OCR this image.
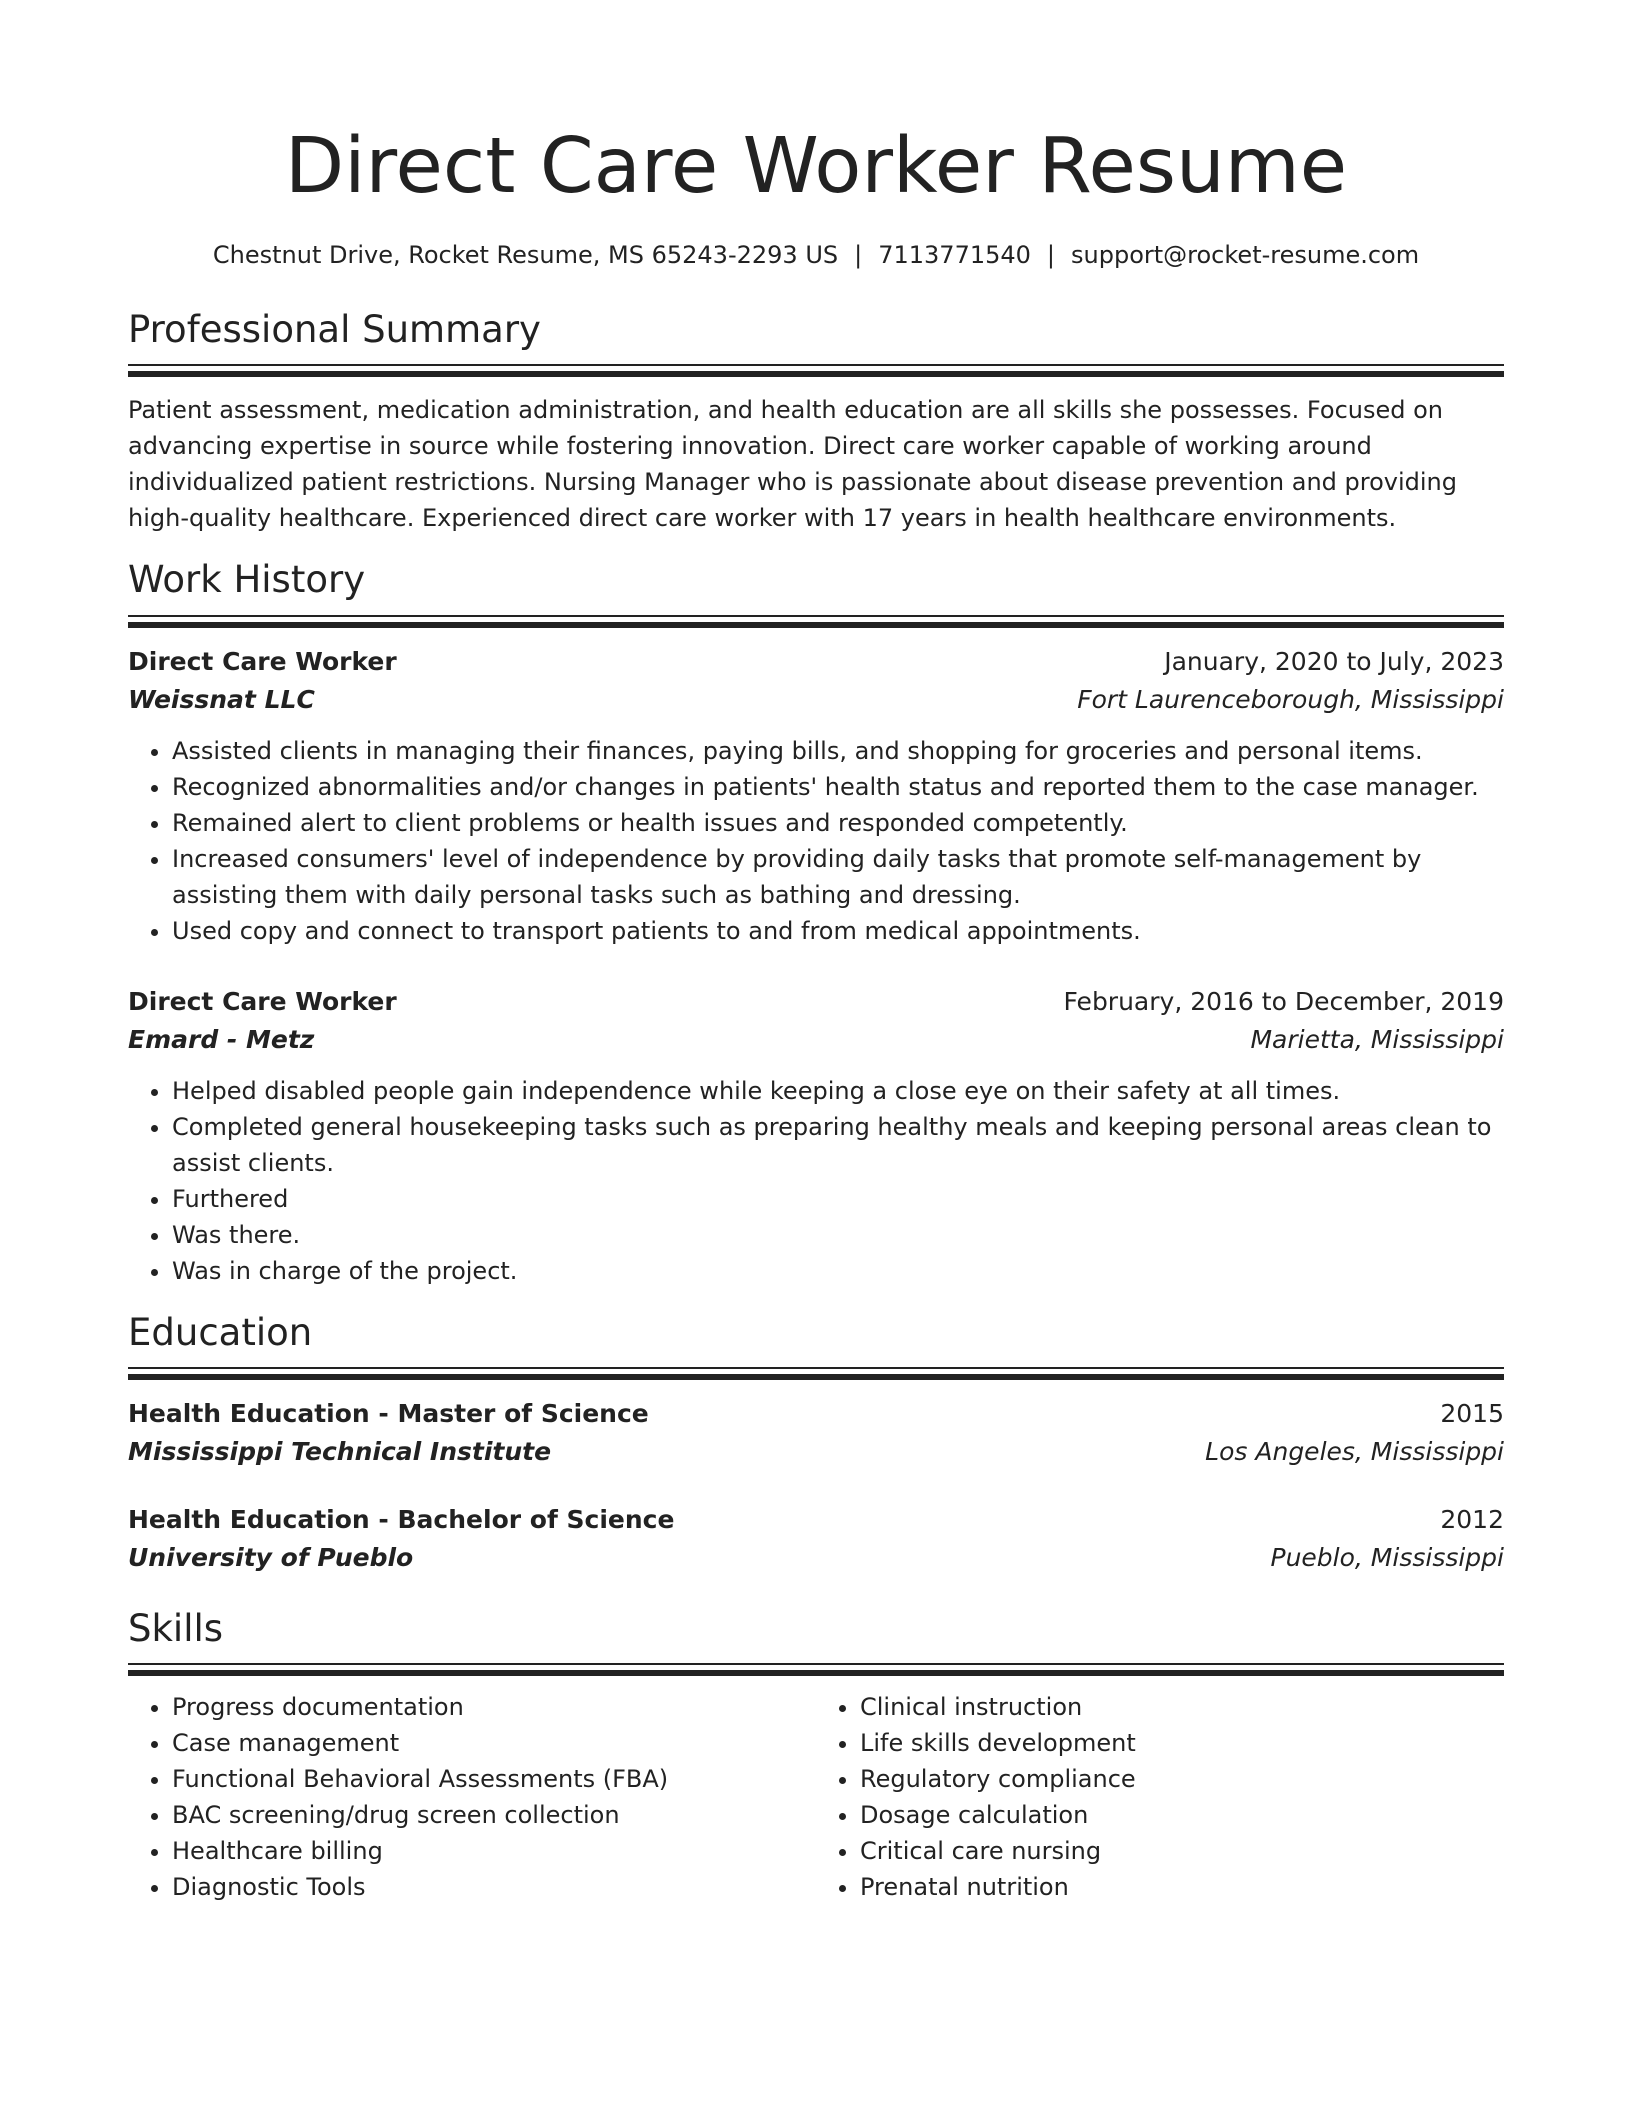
Direct Care Worker Resume
Chestnut Drive, Rocket Resume, MS 65243-2293 US | 7113771540 | support@rocket-resume.com
Professional Summary

Patient assessment, medication administration, and health education are all skills she possesses. Focused on advancing expertise in source while fostering innovation. Direct care worker capable of working around individualized patient restrictions. Nursing Manager who is passionate about disease prevention and providing high-quality healthcare. Experienced direct care worker with 17 years in health healthcare environments.

Work History
Direct Care Worker	January, 2020 to July, 2023
Weissnat LLC	Fort Laurenceborough, Mississippi
• Assisted clients in managing their finances, paying bills, and shopping for groceries and personal items.
• Recognized abnormalities and/or changes in patients' health status and reported them to the case manager.
• Remained alert to client problems or health issues and responded competently.
• Increased consumers' level of independence by providing daily tasks that promote self-management by assisting them with daily personal tasks such as bathing and dressing.
• Used copy and connect to transport patients to and from medical appointments.
Direct Care Worker	February, 2016 to December, 2019
Emard - Metz	Marietta, Mississippi
• Helped disabled people gain independence while keeping a close eye on their safety at all times.
• Completed general housekeeping tasks such as preparing healthy meals and keeping personal areas clean to assist clients.
• Furthered
• Was there.
• Was in charge of the project.
Education
Health Education - Master of Science	2015
Mississippi Technical Institute	Los Angeles, Mississippi
Health Education - Bachelor of Science	2012
University of Pueblo	Pueblo, Mississippi
Skills
• Progress documentation
• Case management
• Functional Behavioral Assessments (FBA)
• BAC screening/drug screen collection
• Healthcare billing
• Diagnostic Tools
• Clinical instruction
• Life skills development
• Regulatory compliance
• Dosage calculation
• Critical care nursing
• Prenatal nutrition
